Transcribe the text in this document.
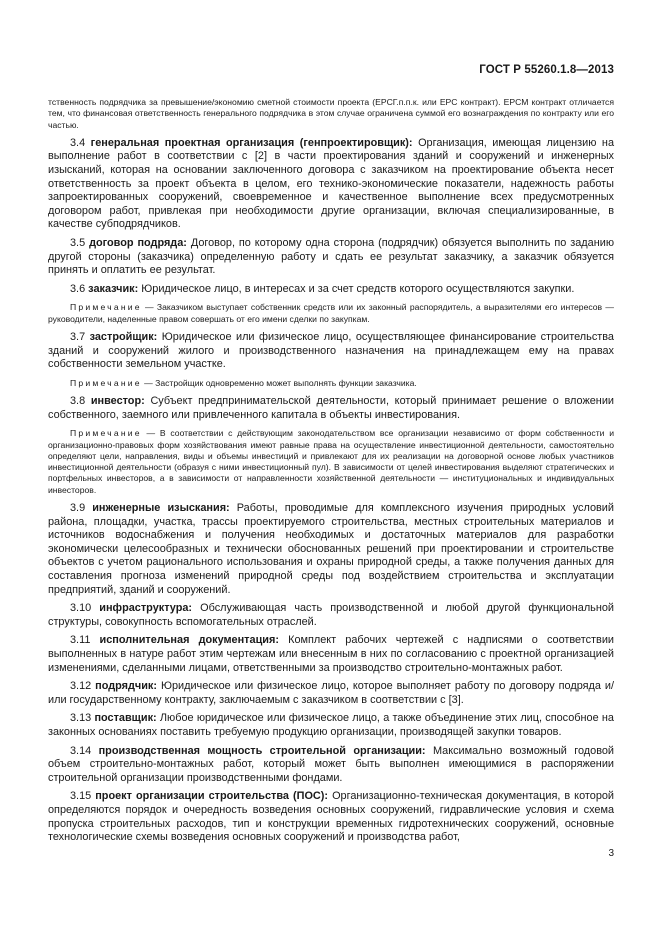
ГОСТ Р 55260.1.8—2013

тственность подрядчика за превышение/экономию сметной стоимости проекта (EPCГ.п.п.к. или EPC контракт). EPCM контракт отличается тем, что финансовая ответственность генерального подрядчика в этом случае ограничена суммой его вознаграждения по контракту или его частью.

3.4 генеральная проектная организация (генпроектировщик): Организация, имеющая лицензию на выполнение работ в соответствии с [2] в части проектирования зданий и сооружений и инженерных изысканий, которая на основании заключенного договора с заказчиком на проектирование объекта несет ответственность за проект объекта в целом, его технико-экономические показатели, надежность работы запроектированных сооружений, своевременное и качественное выполнение всех предусмотренных договором работ, привлекая при необходимости другие организации, включая специализированные, в качестве субподрядчиков.

3.5 договор подряда: Договор, по которому одна сторона (подрядчик) обязуется выполнить по заданию другой стороны (заказчика) определенную работу и сдать ее результат заказчику, а заказчик обязуется принять и оплатить ее результат.

3.6 заказчик: Юридическое лицо, в интересах и за счет средств которого осуществляются закупки.

Примечание — Заказчиком выступает собственник средств или их законный распорядитель, а выразителями его интересов — руководители, наделенные правом совершать от его имени сделки по закупкам.

3.7 застройщик: Юридическое или физическое лицо, осуществляющее финансирование строительства зданий и сооружений жилого и производственного назначения на принадлежащем ему на правах собственности земельном участке.

Примечание — Застройщик одновременно может выполнять функции заказчика.

3.8 инвестор: Субъект предпринимательской деятельности, который принимает решение о вложении собственного, заемного или привлеченного капитала в объекты инвестирования.

Примечание — В соответствии с действующим законодательством все организации независимо от форм собственности и организационно-правовых форм хозяйствования имеют равные права на осуществление инвестиционной деятельности, самостоятельно определяют цели, направления, виды и объемы инвестиций и привлекают для их реализации на договорной основе любых участников инвестиционной деятельности (образуя с ними инвестиционный пул). В зависимости от целей инвестирования выделяют стратегических и портфельных инвесторов, а в зависимости от направленности хозяйственной деятельности — институциональных и индивидуальных инвесторов.

3.9 инженерные изыскания: Работы, проводимые для комплексного изучения природных условий района, площадки, участка, трассы проектируемого строительства, местных строительных материалов и источников водоснабжения и получения необходимых и достаточных материалов для разработки экономически целесообразных и технически обоснованных решений при проектировании и строительстве объектов с учетом рационального использования и охраны природной среды, а также получения данных для составления прогноза изменений природной среды под воздействием строительства и эксплуатации предприятий, зданий и сооружений.

3.10 инфраструктура: Обслуживающая часть производственной и любой другой функциональной структуры, совокупность вспомогательных отраслей.

3.11 исполнительная документация: Комплект рабочих чертежей с надписями о соответствии выполненных в натуре работ этим чертежам или внесенным в них по согласованию с проектной организацией изменениями, сделанными лицами, ответственными за производство строительно-монтажных работ.

3.12 подрядчик: Юридическое или физическое лицо, которое выполняет работу по договору подряда и/или государственному контракту, заключаемым с заказчиком в соответствии с [3].

3.13 поставщик: Любое юридическое или физическое лицо, а также объединение этих лиц, способное на законных основаниях поставить требуемую продукцию организации, производящей закупки товаров.

3.14 производственная мощность строительной организации: Максимально возможный годовой объем строительно-монтажных работ, который может быть выполнен имеющимися в распоряжении строительной организации производственными фондами.

3.15 проект организации строительства (ПОС): Организационно-техническая документация, в которой определяются порядок и очередность возведения основных сооружений, гидравлические условия и схема пропуска строительных расходов, тип и конструкции временных гидротехнических сооружений, основные технологические схемы возведения основных сооружений и производства работ,

3
